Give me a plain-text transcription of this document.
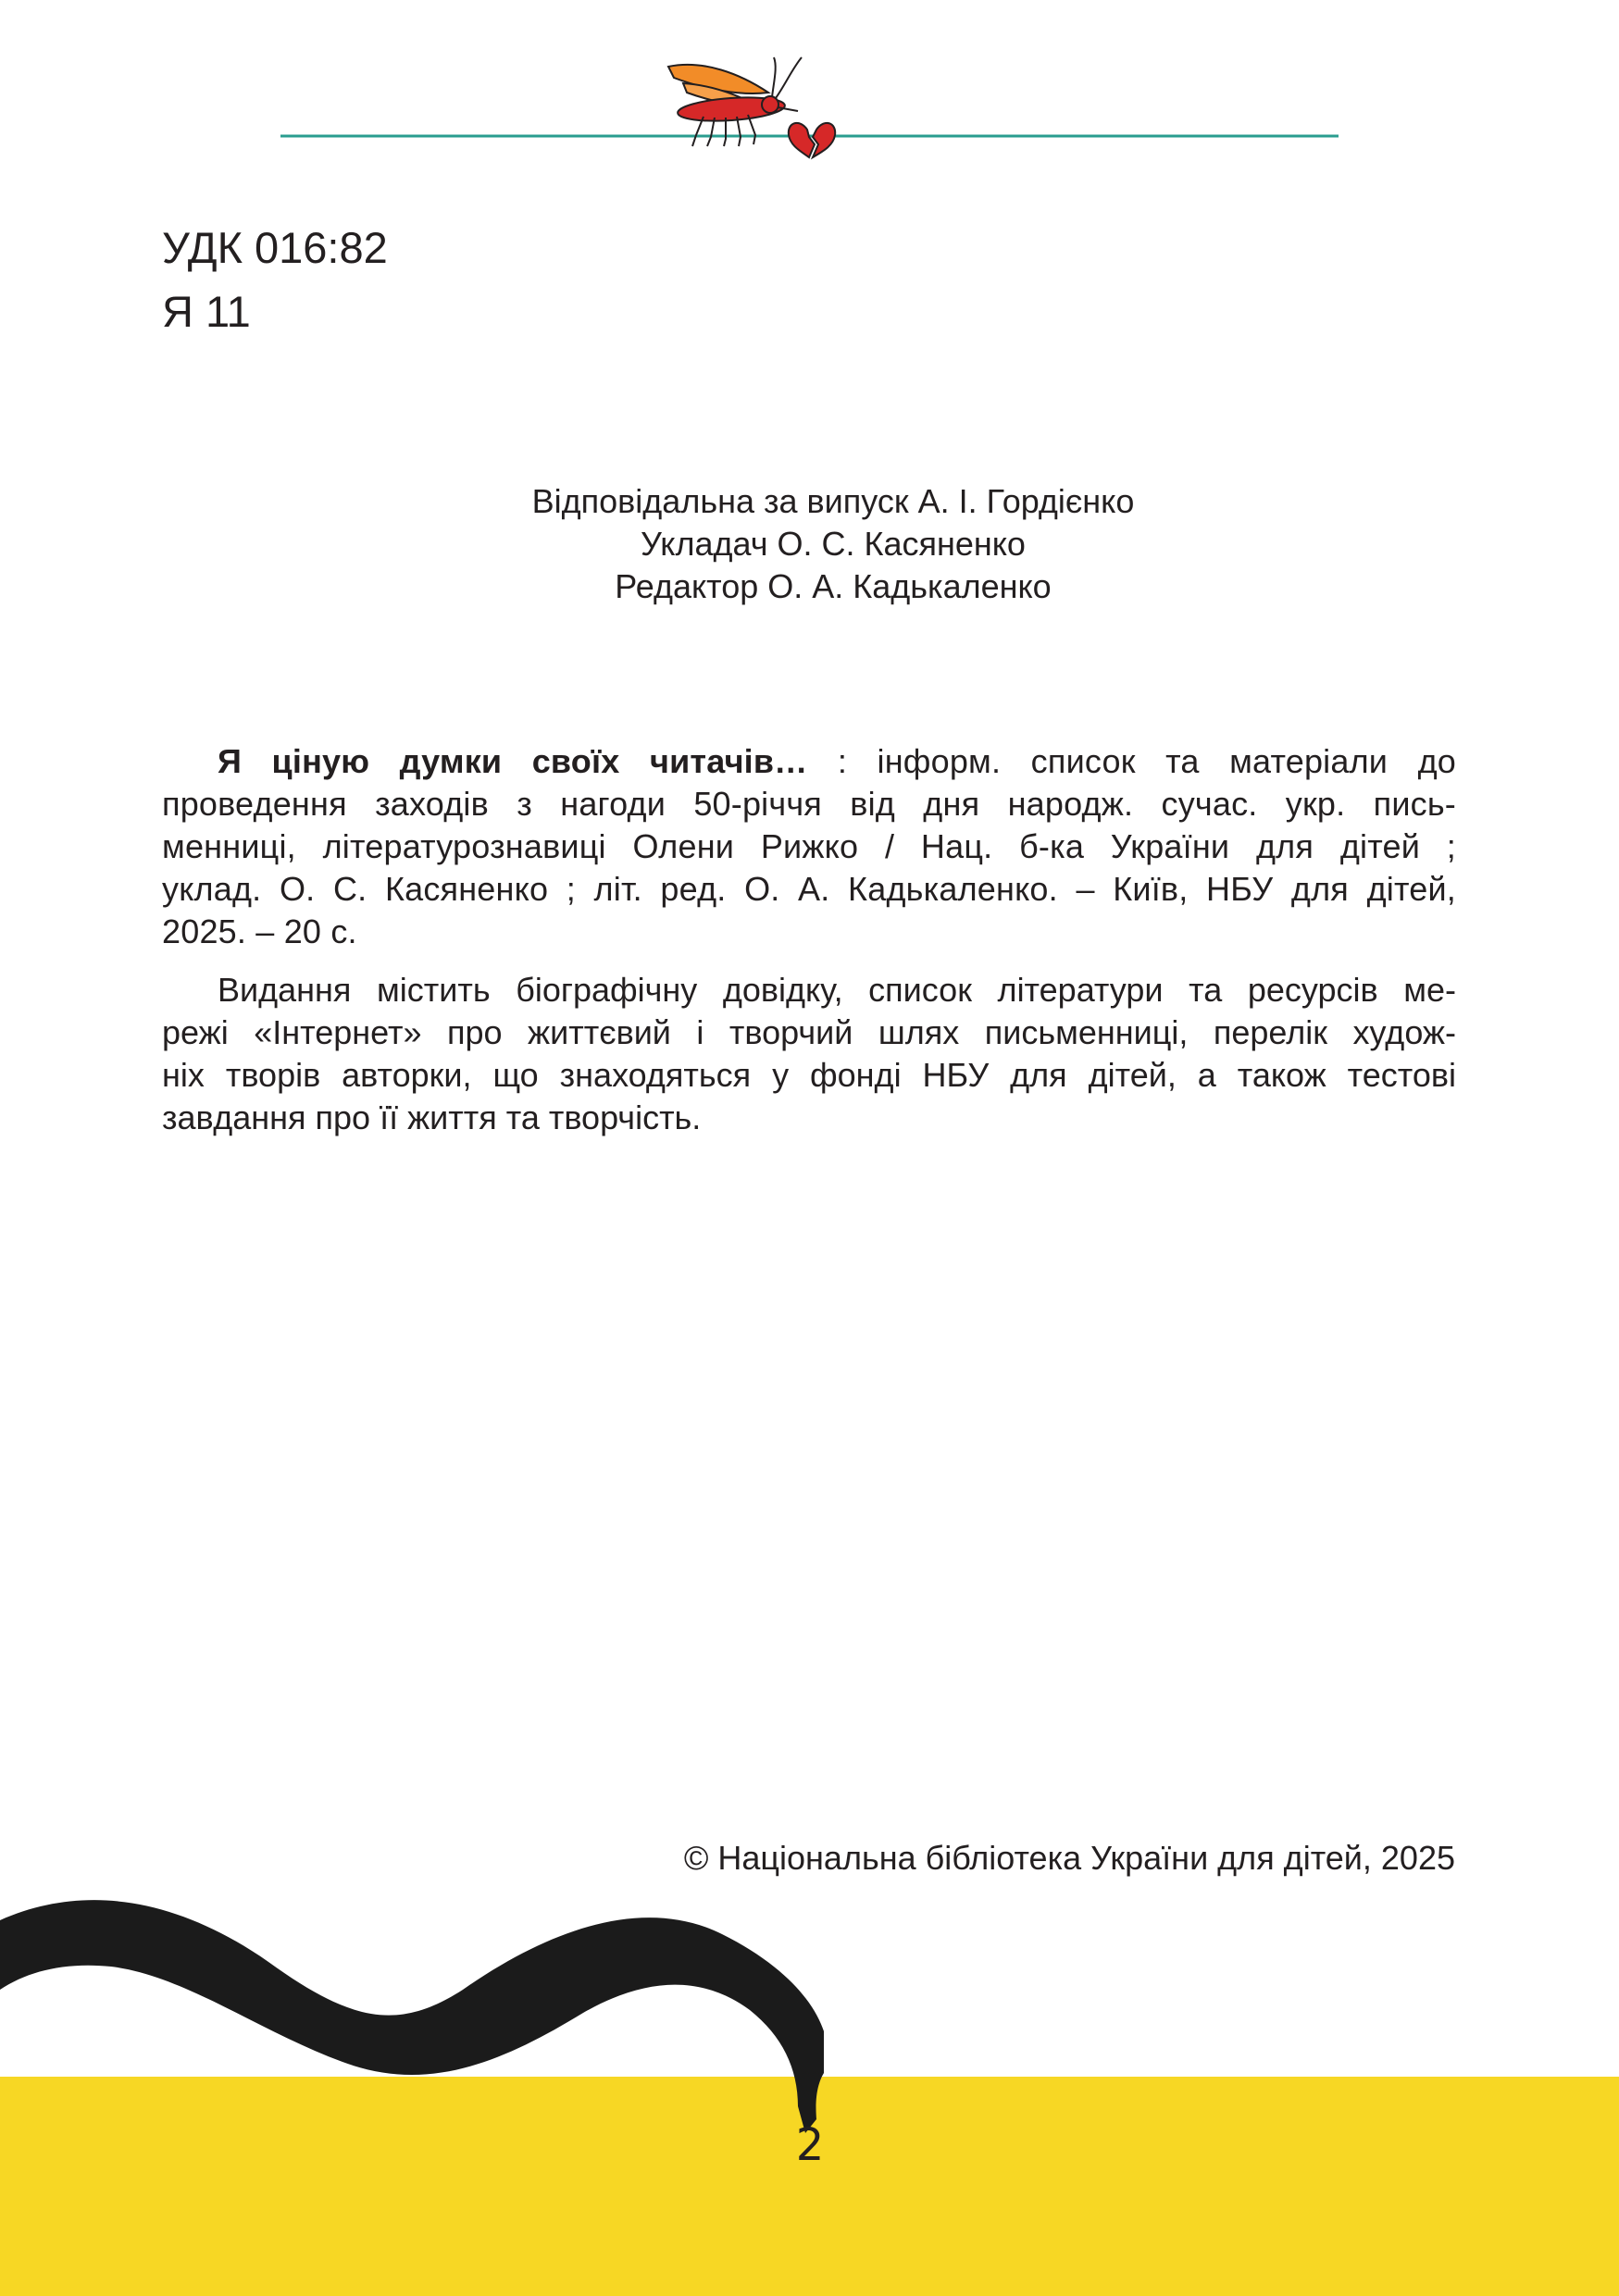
УДК 016:82
Я 11
Відповідальна за випуск А. І. Гордієнко
Укладач О. С. Касяненко
Редактор О. А. Кадькаленко
Я ціную думки своїх читачів… : інформ. список та матеріали до
проведення заходів з нагоди 50-річчя від дня народж. сучас. укр. пись-
менниці, літературознавиці Олени Рижко / Нац. б-ка України для дітей ;
уклад. О. С. Касяненко ; літ. ред. О. А. Кадькаленко. – Київ, НБУ для дітей,
2025. – 20 с.
Видання містить біографічну довідку, список літератури та ресурсів ме-
режі «Інтернет» про життєвий і творчий шлях письменниці, перелік худож-
ніх творів авторки, що знаходяться у фонді НБУ для дітей, а також тестові
завдання про її життя та творчість.
© Національна бібліотека України для дітей, 2025
2
